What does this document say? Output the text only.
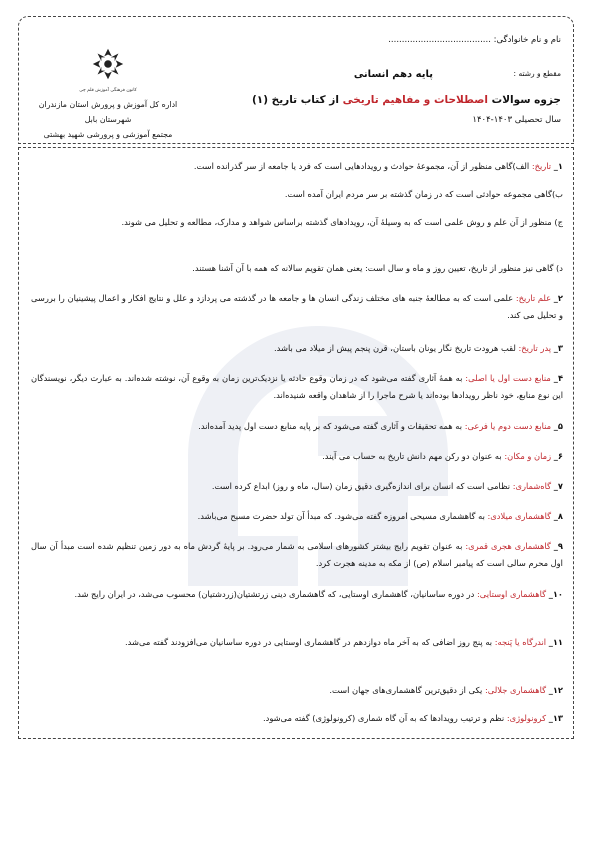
نام و نام خانوادگی: ......................................
مقطع و رشته :
پایه دهم انسانی
جزوه سوالات اصطلاحات و مفاهیم تاریخی از کتاب تاریخ (۱)
سال تحصیلی ۱۴۰۳-۱۴۰۴
کانون فرهنگی آموزش قلم چی
اداره کل آموزش و پرورش استان مازندران
شهرستان بابل
مجتمع آموزشی و پرورشی شهید بهشتی
۱_ تاریخ: الف)گاهی منظور از آن، مجموعۀ حوادث و رویدادهایی است که فرد یا جامعه از سر گذرانده است.
ب)گاهی مجموعه حوادثی است که در زمان گذشته بر سر مردم ایران آمده است.
ج) منظور از آن علم و روش علمی است که به وسیلۀ آن، رویدادهای گذشته براساس شواهد و مدارک، مطالعه و تحلیل می شوند.
د) گاهی نیز منظور از تاریخ، تعیین روز و ماه و سال است: یعنی همان تقویم سالانه که همه با آن آشنا هستند.
۲_ علم تاریخ: علمی است که به مطالعۀ جنبه های مختلف زندگی انسان ها و جامعه ها در گذشته می پردازد و علل و نتایج افکار و اعمال پیشینیان را بررسی و تحلیل می کند.
۳_ پدر تاریخ: لقب هرودت تاریخ نگار یونان باستان، قرن پنجم پیش از میلاد می باشد.
۴_ منابع دست اول یا اصلی: به همۀ آثاری گفته می‌شود که در زمان وقوع حادثه یا نزدیک‌ترین زمان به وقوع آن، نوشته شده‌اند. به عبارت دیگر، نویسندگان این نوع منابع، خود ناظر رویدادها بوده‌اند یا شرح ماجرا را از شاهدان واقعه شنیده‌اند.
۵_ منابع دست دوم یا فرعی: به همه تحقیقات و آثاری گفته می‌شود که بر پایه منابع دست اول پدید آمده‌اند.
۶_ زمان و مکان: به عنوان دو رکن مهم دانش تاریخ به حساب می آیند.
۷_ گاه‌شماری: نظامی است که انسان برای اندازه‌گیری دقیق زمان (سال، ماه و روز) ابداع کرده است.
۸_ گاهشماری میلادی: به گاهشماری مسیحی امروزه گفته می‌شود. که مبدأ آن تولد حضرت مسیح می‌باشد.
۹_ گاهشماری هجری قمری: به عنوان تقویم رایج بیشتر کشورهای اسلامی به شمار می‌رود. بر پایۀ گردش ماه به دور زمین تنظیم شده است مبدأ آن سال اول محرم سالی است که پیامبر اسلام (ص) از مکه به مدینه هجرت کرد.
۱۰_ گاهشماری اوستایی: در دوره ساسانیان، گاهشماری اوستایی، که گاهشماری دینی زرتشتیان(زردشتیان) محسوب می‌شد، در ایران رایج شد.
۱۱_ اندرگاه یا پَنجه: به پنج روز اضافی که به آخر ماه دوازدهم در گاهشماری اوستایی در دوره ساسانیان می‌افزودند گفته می‌شد.
۱۲_ گاهشماری جلالی: یکی از دقیق‌ترین گاهشماری‌های جهان است.
۱۳_ کرونولوژی: نظم و ترتیب رویدادها که به آن گاه شماری (کرونولوژی) گفته می‌شود.
